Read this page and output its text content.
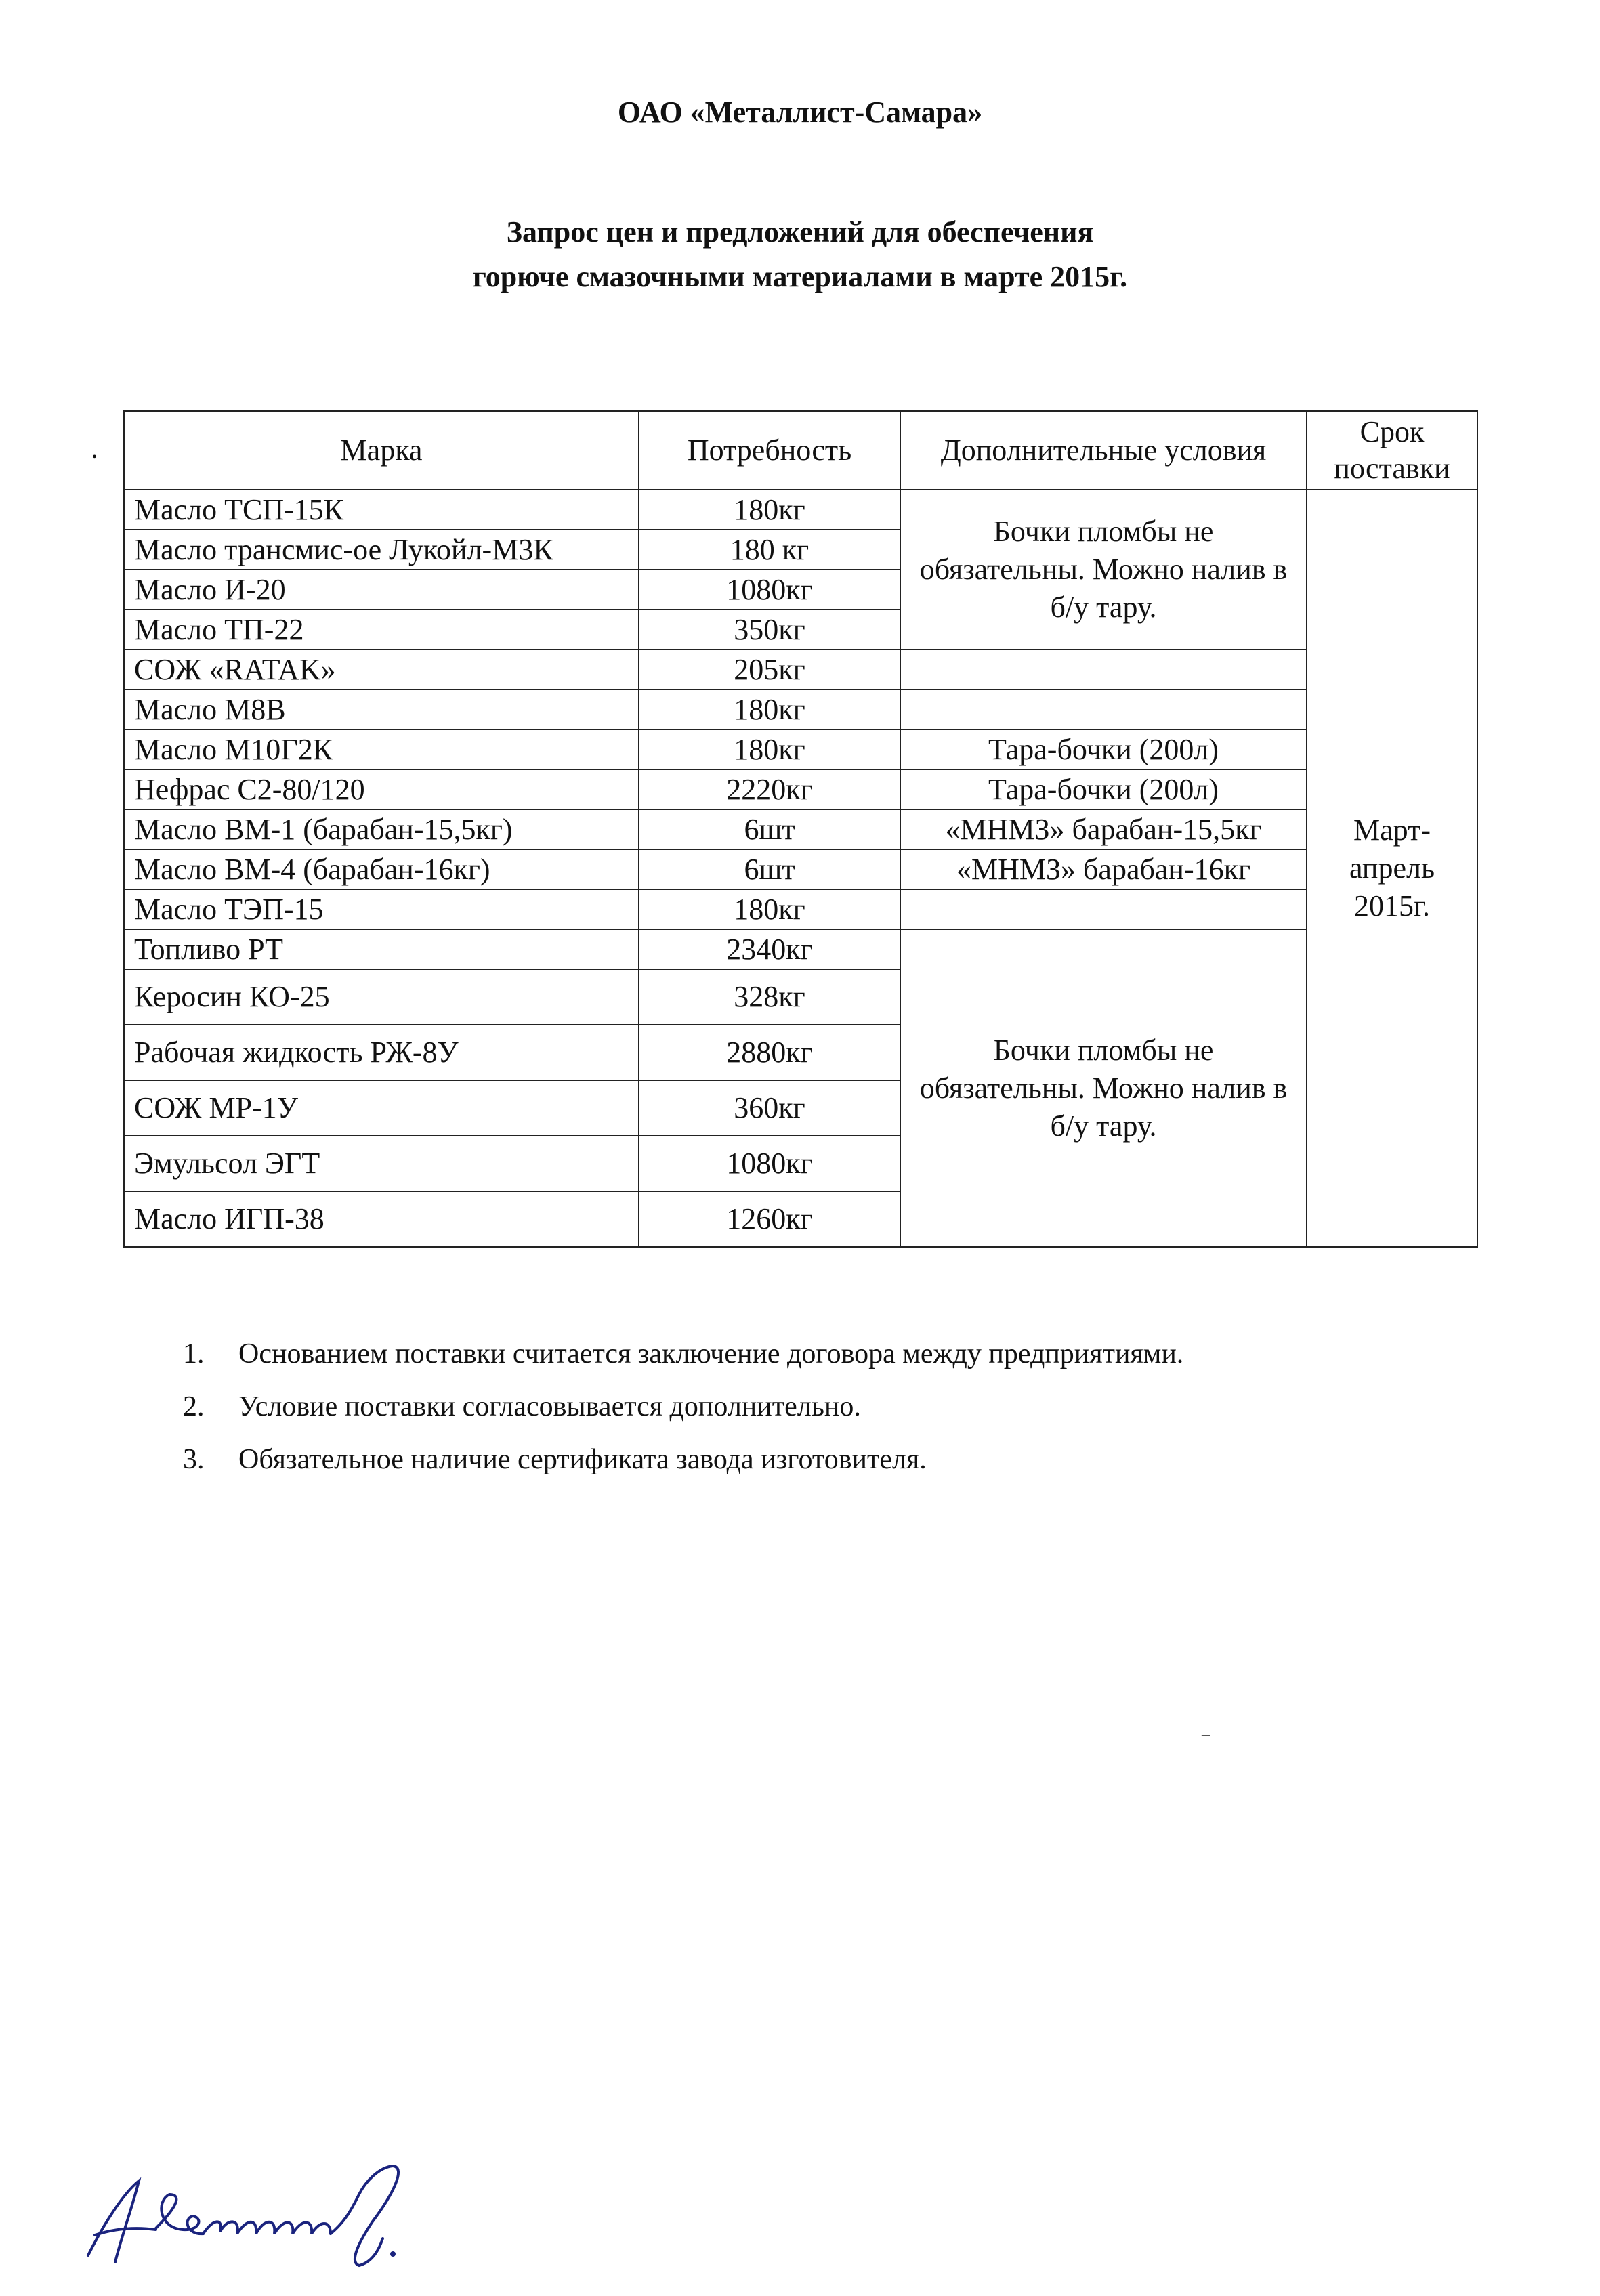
ОАО «Металлист-Самара»
Запрос цен и предложений для обеспечения
горюче смазочными материалами в марте 2015г.
•	Марка	Потребность	Дополнительные условия	Срок поставки
Масло ТСП-15К	180кг	Бочки пломбы не обязательны. Можно налив в б/у тару.	Март-апрель 2015г.
Масло трансмис-ое Лукойл-М3К	180 кг		
Масло И-20	1080кг		
Масло ТП-22	350кг		
СОЖ «RATAK»	205кг		
Масло М8В	180кг		
Масло М10Г2К	180кг	Тара-бочки (200л)	
Нефрас С2-80/120	2220кг	Тара-бочки (200л)	
Масло ВМ-1 (барабан-15,5кг)	6шт	«МНМЗ» барабан-15,5кг	
Масло ВМ-4 (барабан-16кг)	6шт	«МНМЗ» барабан-16кг	
Масло ТЭП-15	180кг		
Топливо РТ	2340кг	Бочки пломбы не обязательны. Можно налив в б/у тару.	
Керосин КО-25	328кг		
Рабочая жидкость РЖ-8У	2880кг		
СОЖ МР-1У	360кг		
Эмульсол ЭГТ	1080кг		
Масло ИГП-38	1260кг		
1.	Основанием поставки считается заключение договора между предприятиями.
2.	Условие поставки согласовывается дополнительно.
3.	Обязательное наличие сертификата завода изготовителя.
–
